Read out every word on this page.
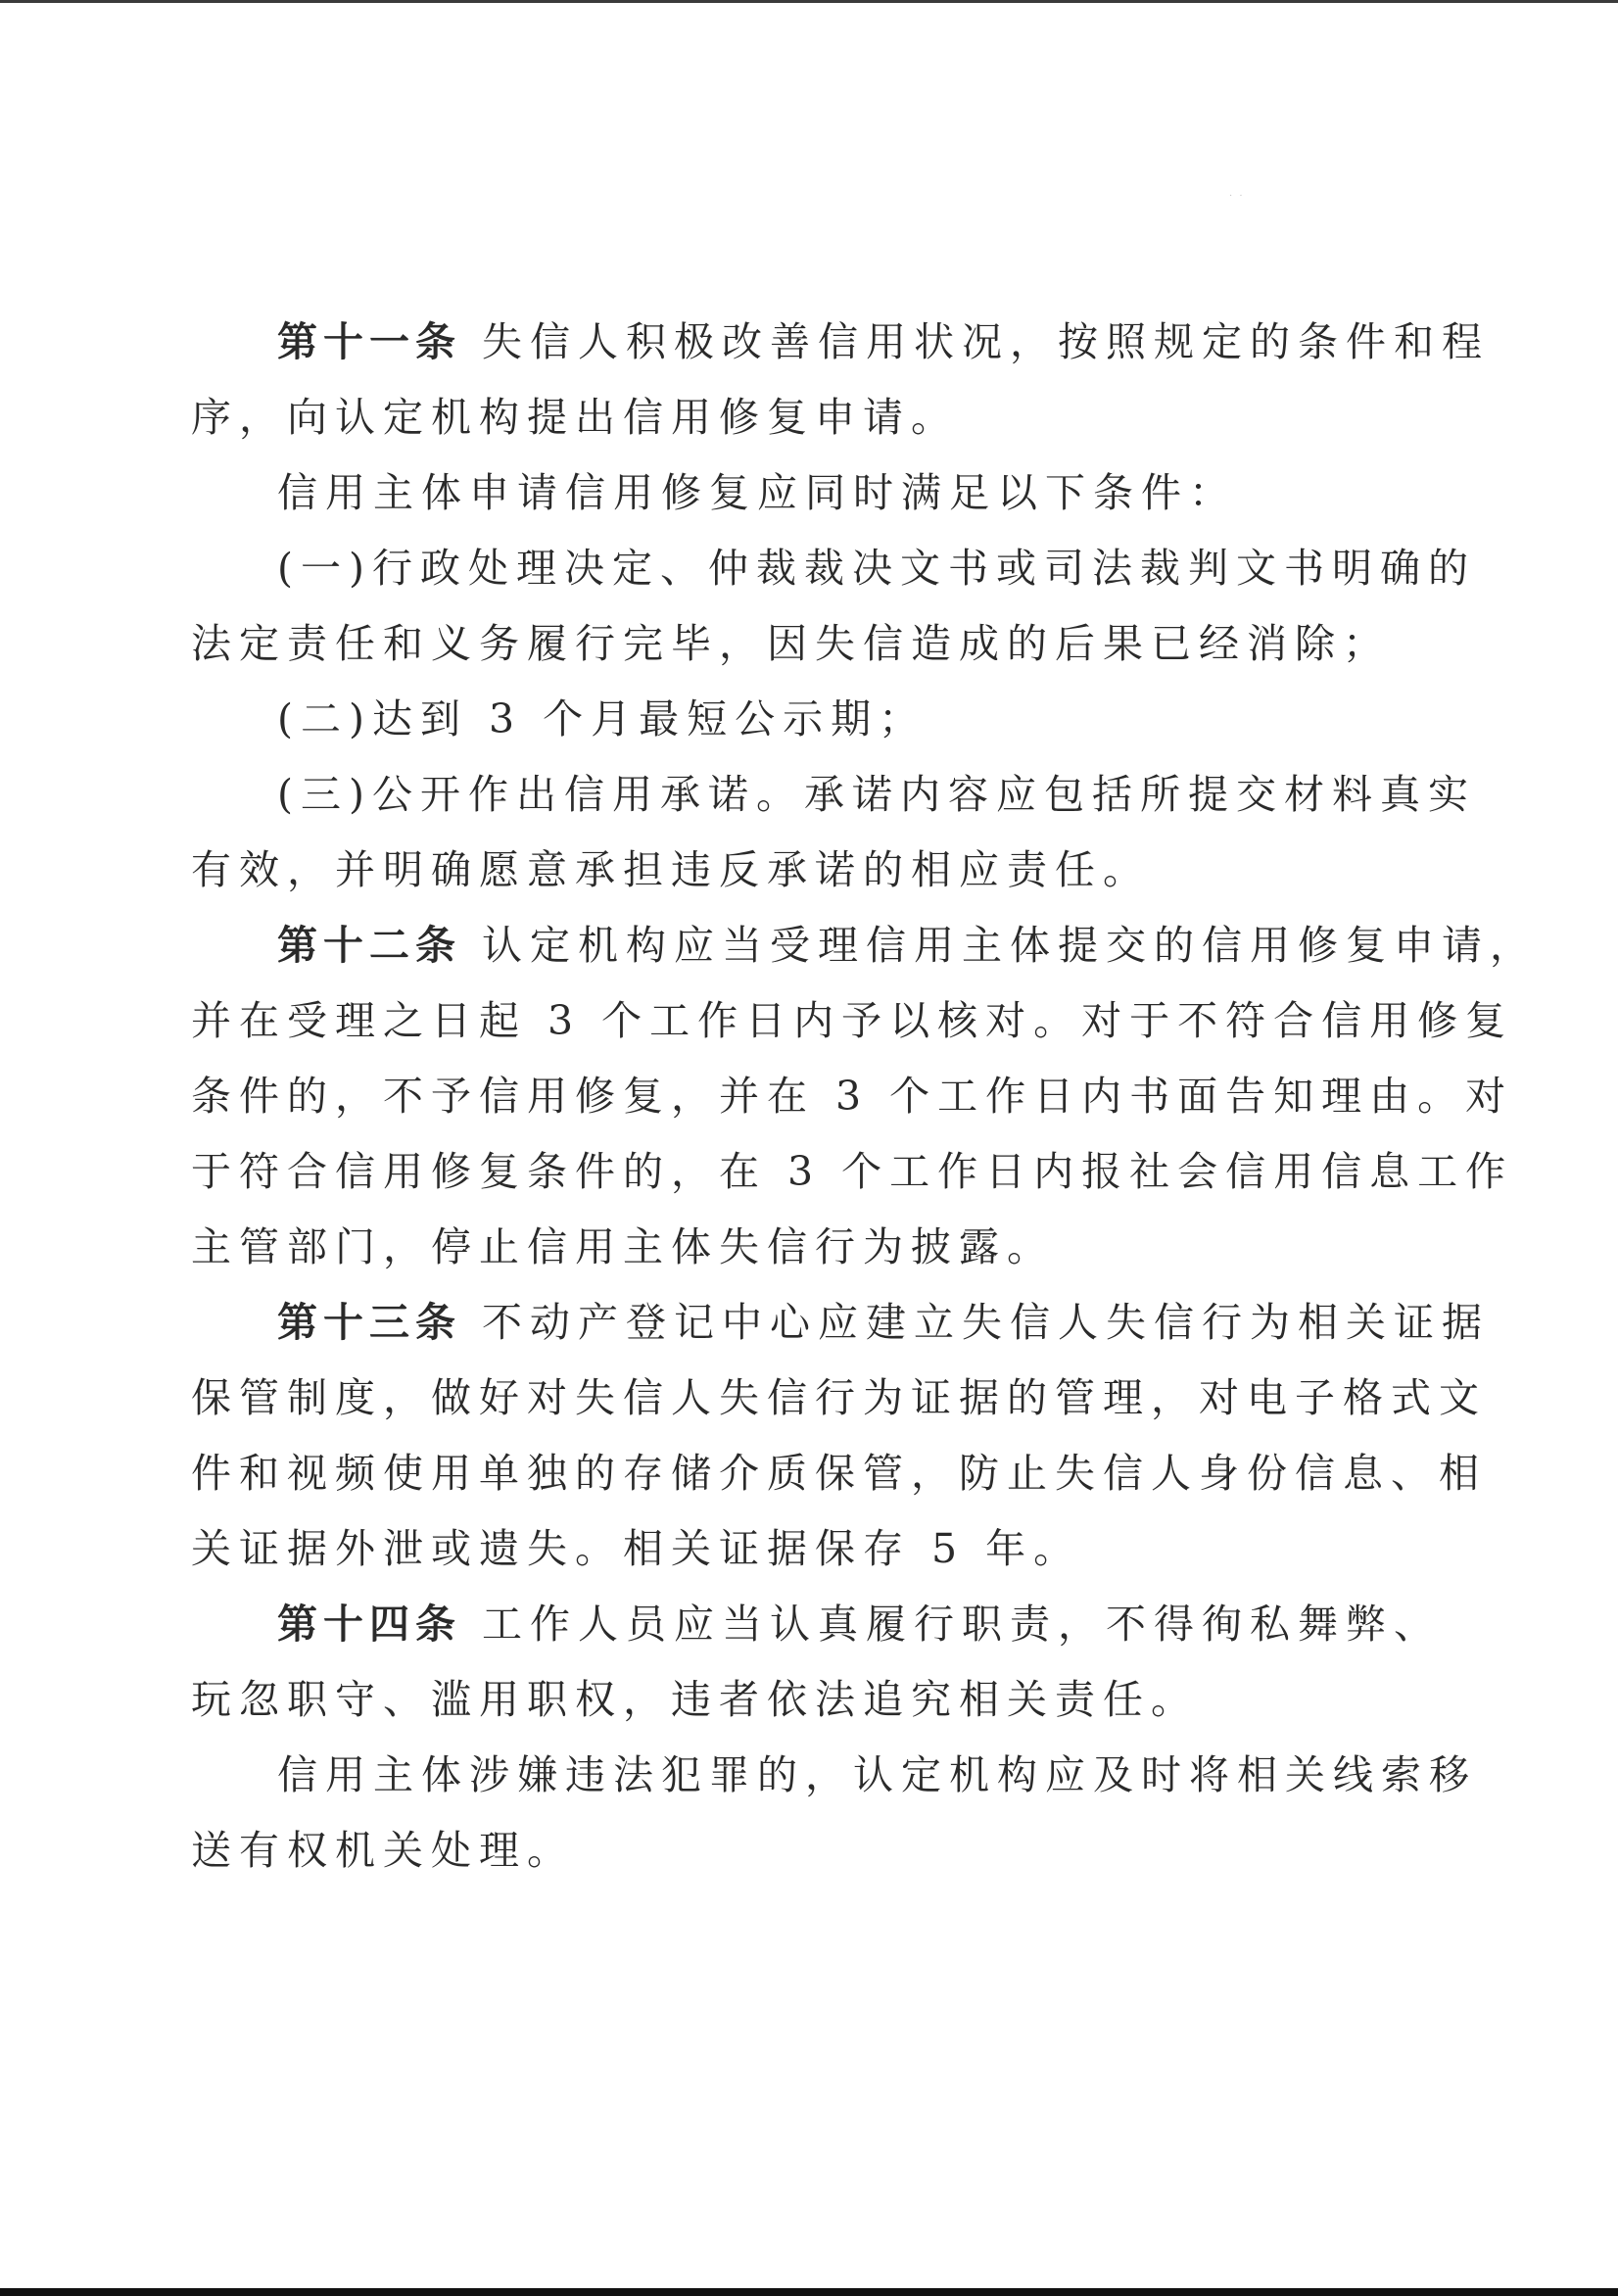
· ·
第十一条 失信人积极改善信用状况，按照规定的条件和程
序，向认定机构提出信用修复申请。
信用主体申请信用修复应同时满足以下条件：
(一)行政处理决定、仲裁裁决文书或司法裁判文书明确的
法定责任和义务履行完毕，因失信造成的后果已经消除；
(二)达到 3 个月最短公示期；
(三)公开作出信用承诺。承诺内容应包括所提交材料真实
有效，并明确愿意承担违反承诺的相应责任。
第十二条 认定机构应当受理信用主体提交的信用修复申请，
并在受理之日起 3 个工作日内予以核对。对于不符合信用修复
条件的，不予信用修复，并在 3 个工作日内书面告知理由。对
于符合信用修复条件的，在 3 个工作日内报社会信用信息工作
主管部门，停止信用主体失信行为披露。
第十三条 不动产登记中心应建立失信人失信行为相关证据
保管制度，做好对失信人失信行为证据的管理，对电子格式文
件和视频使用单独的存储介质保管，防止失信人身份信息、相
关证据外泄或遗失。相关证据保存 5 年。
第十四条 工作人员应当认真履行职责，不得徇私舞弊、
玩忽职守、滥用职权，违者依法追究相关责任。
信用主体涉嫌违法犯罪的，认定机构应及时将相关线索移
送有权机关处理。
